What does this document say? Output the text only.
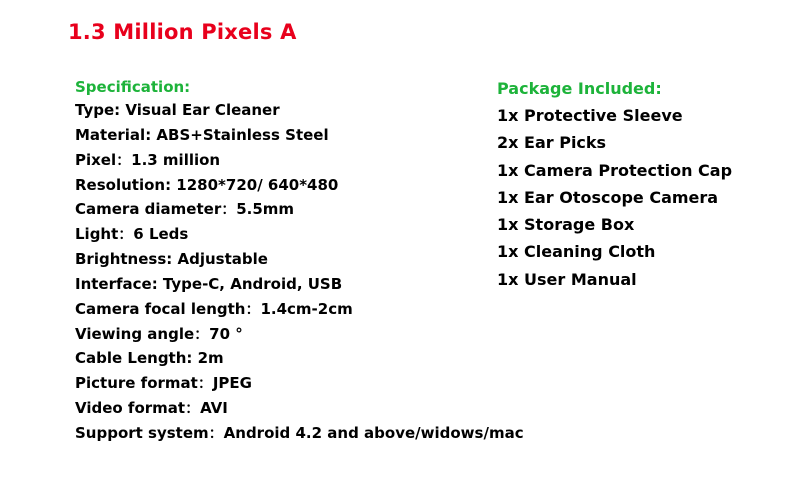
1.3 Million Pixels A
Specification:
Type: Visual Ear Cleaner
Material: ABS+Stainless Steel
Pixel：1.3 million
Resolution: 1280*720/ 640*480
Camera diameter：5.5mm
Light：6 Leds
Brightness: Adjustable
Interface: Type-C, Android, USB
Camera focal length：1.4cm-2cm
Viewing angle：70 °
Cable Length: 2m
Picture format：JPEG
Video format：AVI
Support system：Android 4.2 and above/widows/mac
Package Included:
1x Protective Sleeve
2x Ear Picks
1x Camera Protection Cap
1x Ear Otoscope Camera
1x Storage Box
1x Cleaning Cloth
1x User Manual
